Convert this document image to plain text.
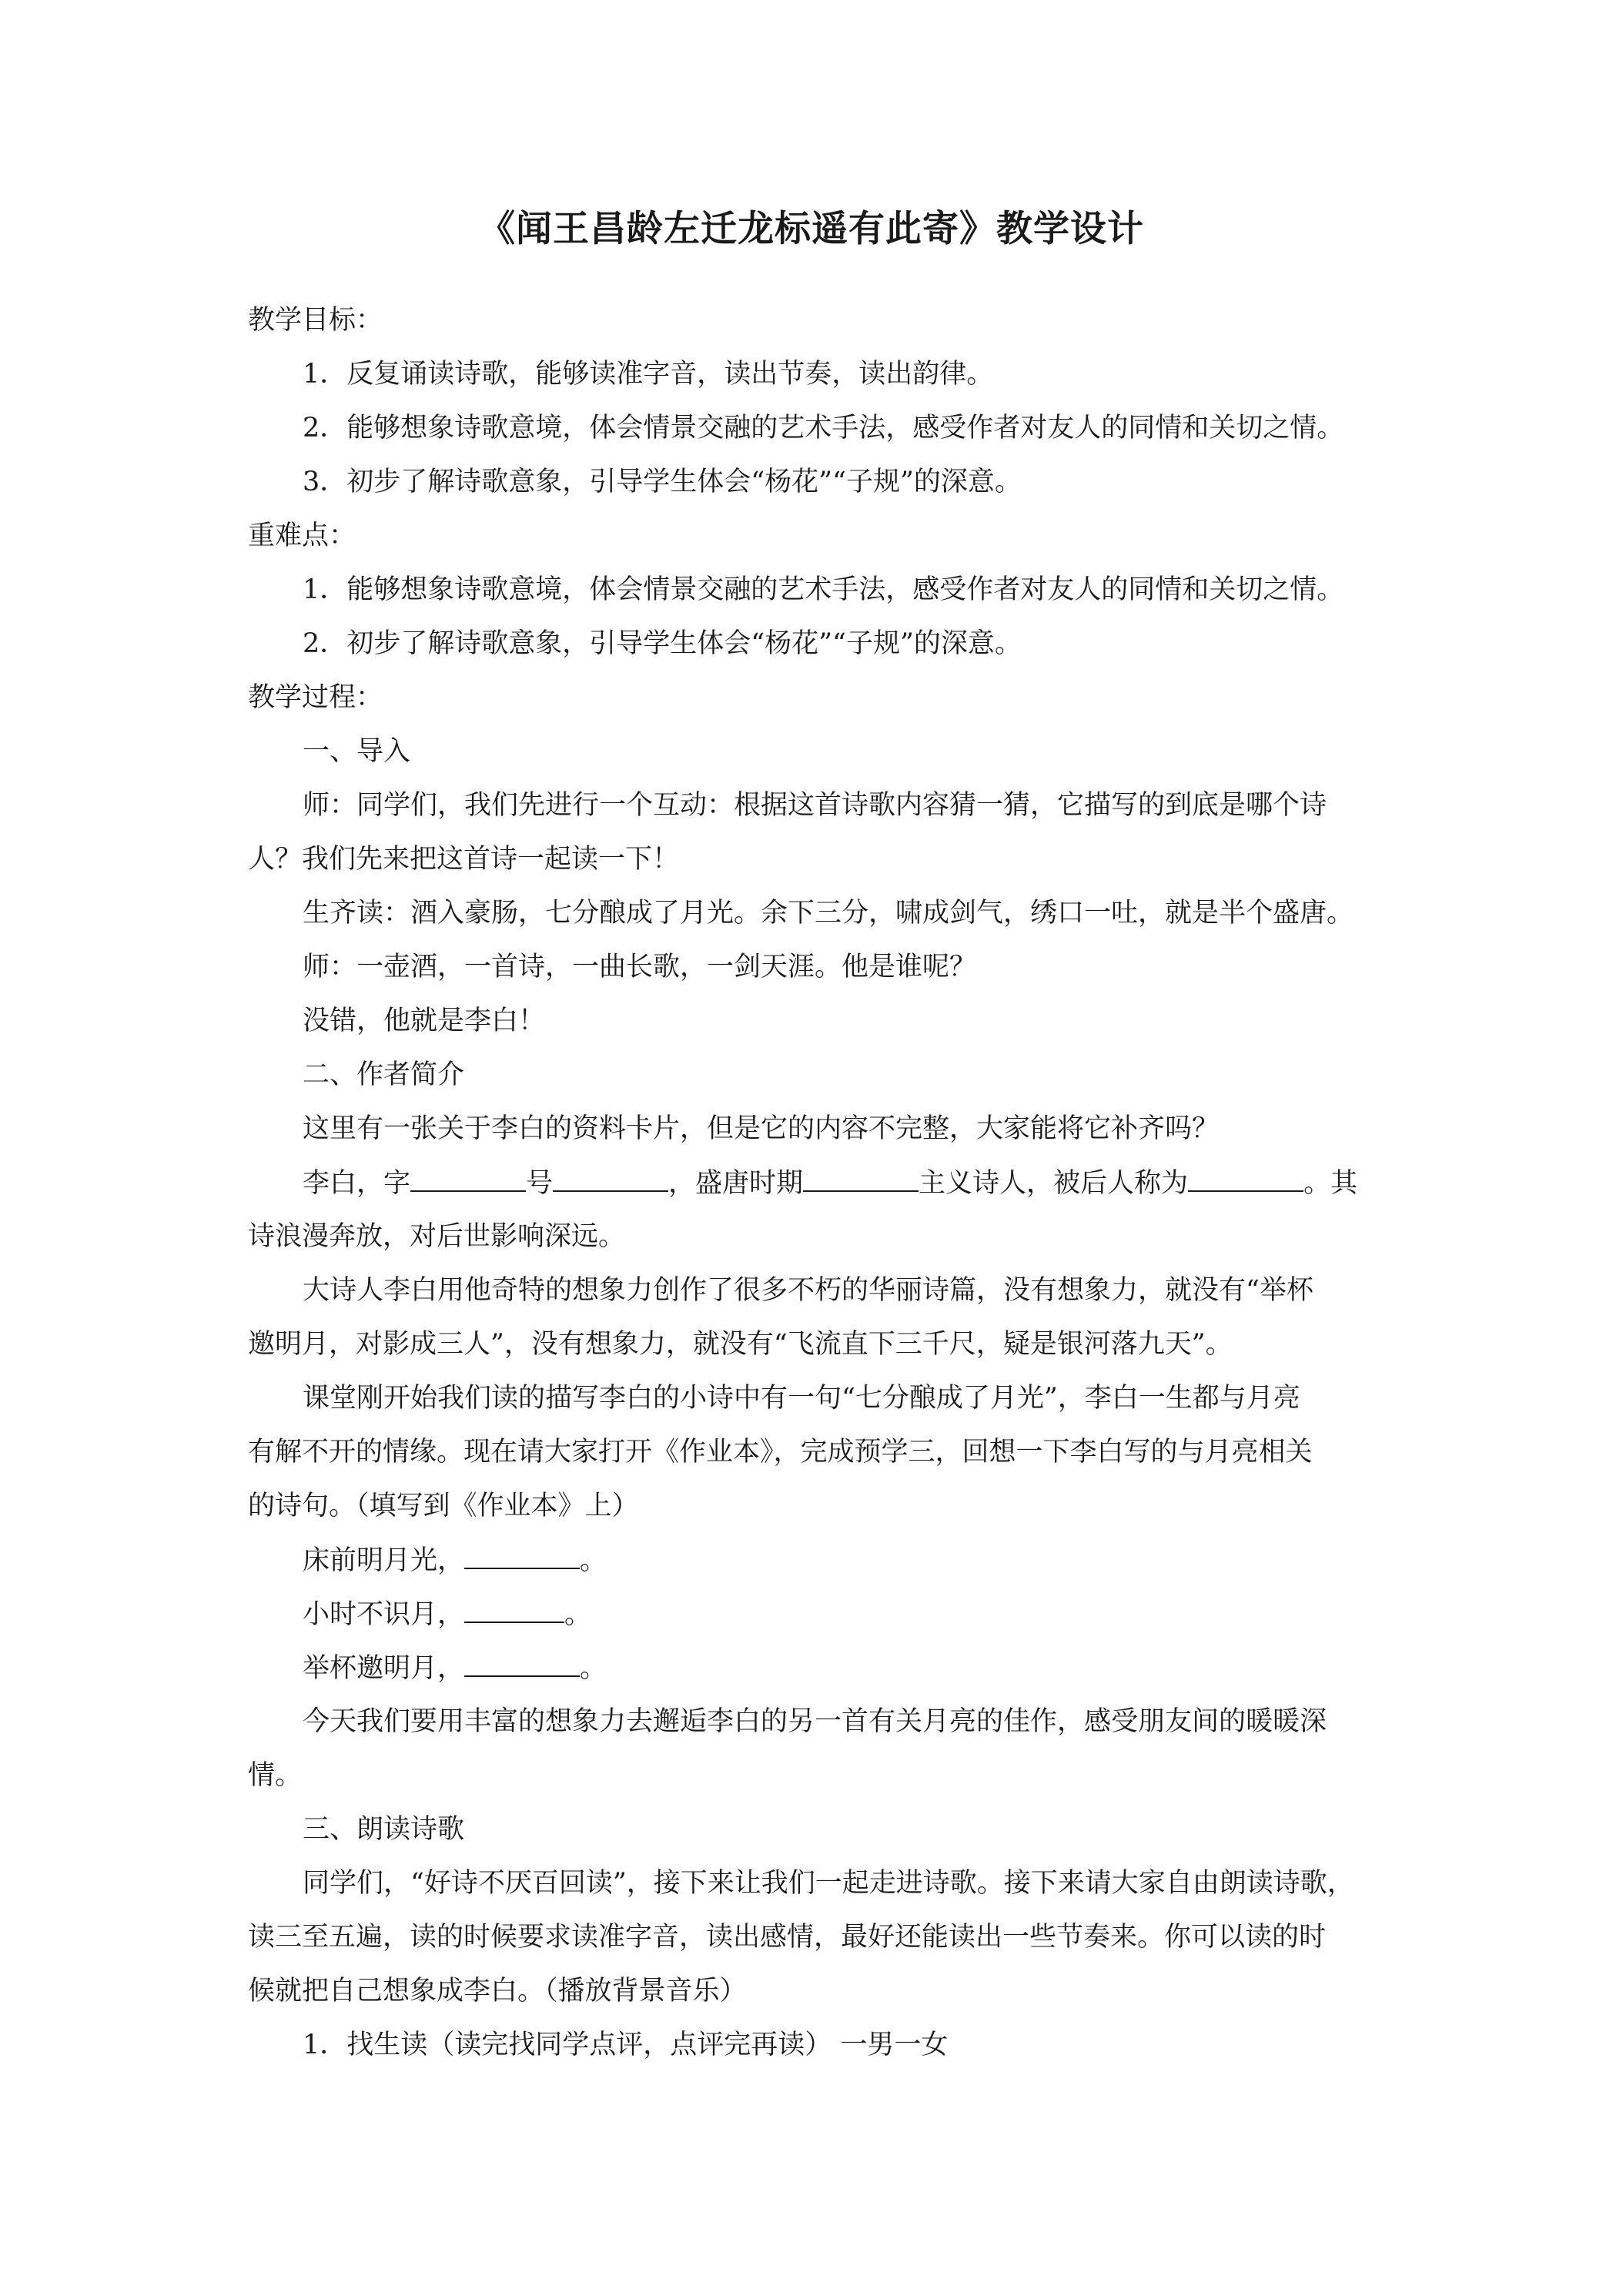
《闻王昌龄左迁龙标遥有此寄》教学设计
教学目标：
1．反复诵读诗歌，能够读准字音，读出节奏，读出韵律。
2．能够想象诗歌意境，体会情景交融的艺术手法，感受作者对友人的同情和关切之情。
3．初步了解诗歌意象，引导学生体会“杨花”“子规”的深意。
重难点：
1．能够想象诗歌意境，体会情景交融的艺术手法，感受作者对友人的同情和关切之情。
2．初步了解诗歌意象，引导学生体会“杨花”“子规”的深意。
教学过程：
一、导入
师：同学们，我们先进行一个互动：根据这首诗歌内容猜一猜，它描写的到底是哪个诗
人？我们先来把这首诗一起读一下！
生齐读：酒入豪肠，七分酿成了月光。余下三分，啸成剑气，绣口一吐，就是半个盛唐。
师：一壶酒，一首诗，一曲长歌，一剑天涯。他是谁呢？
没错，他就是李白！
二、作者简介
这里有一张关于李白的资料卡片，但是它的内容不完整，大家能将它补齐吗？
李白，字	号	，盛唐时期	主义诗人，被后人称为	。其
诗浪漫奔放，对后世影响深远。
大诗人李白用他奇特的想象力创作了很多不朽的华丽诗篇，没有想象力，就没有“举杯
邀明月，对影成三人”，没有想象力，就没有“飞流直下三千尺，疑是银河落九天”。
课堂刚开始我们读的描写李白的小诗中有一句“七分酿成了月光”，李白一生都与月亮
有解不开的情缘。现在请大家打开《作业本》，完成预学三，回想一下李白写的与月亮相关
的诗句。（填写到《作业本》上）
床前明月光，	。
小时不识月，	。
举杯邀明月，	。
今天我们要用丰富的想象力去邂逅李白的另一首有关月亮的佳作，感受朋友间的暖暖深
情。
三、朗读诗歌
同学们，“好诗不厌百回读”，接下来让我们一起走进诗歌。接下来请大家自由朗读诗歌，
读三至五遍，读的时候要求读准字音，读出感情，最好还能读出一些节奏来。你可以读的时
候就把自己想象成李白。（播放背景音乐）
1．找生读（读完找同学点评，点评完再读） 一男一女
